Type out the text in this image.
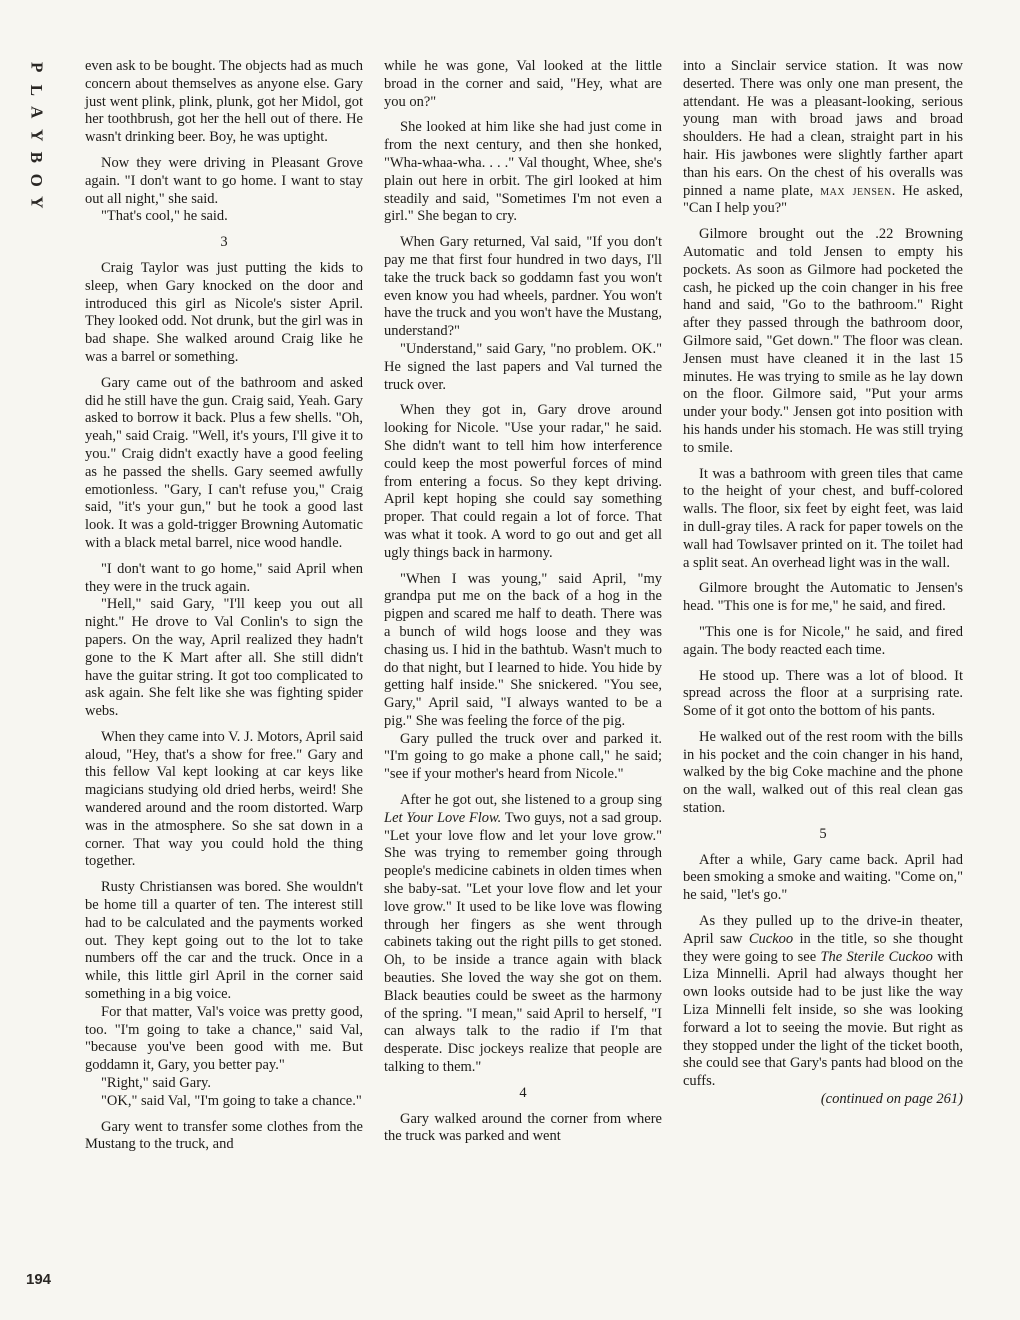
P
L
A
Y
B
O
Y
194

even ask to be bought. The objects had as much concern about themselves as anyone else. Gary just went plink, plink, plunk, got her Midol, got her toothbrush, got her the hell out of there. He wasn't drinking beer. Boy, he was uptight.

Now they were driving in Pleasant Grove again. "I don't want to go home. I want to stay out all night," she said.

"That's cool," he said.

3

Craig Taylor was just putting the kids to sleep, when Gary knocked on the door and introduced this girl as Nicole's sister April. They looked odd. Not drunk, but the girl was in bad shape. She walked around Craig like he was a barrel or something.

Gary came out of the bathroom and asked did he still have the gun. Craig said, Yeah. Gary asked to borrow it back. Plus a few shells. "Oh, yeah," said Craig. "Well, it's yours, I'll give it to you." Craig didn't exactly have a good feeling as he passed the shells. Gary seemed awfully emotionless. "Gary, I can't refuse you," Craig said, "it's your gun," but he took a good last look. It was a gold-trigger Browning Automatic with a black metal barrel, nice wood handle.

"I don't want to go home," said April when they were in the truck again.

"Hell," said Gary, "I'll keep you out all night." He drove to Val Conlin's to sign the papers. On the way, April realized they hadn't gone to the K Mart after all. She still didn't have the guitar string. It got too complicated to ask again. She felt like she was fighting spider webs.

When they came into V. J. Motors, April said aloud, "Hey, that's a show for free." Gary and this fellow Val kept looking at car keys like magicians studying old dried herbs, weird! She wandered around and the room distorted. Warp was in the atmosphere. So she sat down in a corner. That way you could hold the thing together.

Rusty Christiansen was bored. She wouldn't be home till a quarter of ten. The interest still had to be calculated and the payments worked out. They kept going out to the lot to take numbers off the car and the truck. Once in a while, this little girl April in the corner said something in a big voice.

For that matter, Val's voice was pretty good, too. "I'm going to take a chance," said Val, "because you've been good with me. But goddamn it, Gary, you better pay."

"Right," said Gary.

"OK," said Val, "I'm going to take a chance."

Gary went to transfer some clothes from the Mustang to the truck, and

while he was gone, Val looked at the little broad in the corner and said, "Hey, what are you on?"

She looked at him like she had just come in from the next century, and then she honked, "Wha-whaa-wha. . . ." Val thought, Whee, she's plain out here in orbit. The girl looked at him steadily and said, "Sometimes I'm not even a girl." She began to cry.

When Gary returned, Val said, "If you don't pay me that first four hundred in two days, I'll take the truck back so goddamn fast you won't even know you had wheels, pardner. You won't have the truck and you won't have the Mustang, understand?"

"Understand," said Gary, "no problem. OK." He signed the last papers and Val turned the truck over.

When they got in, Gary drove around looking for Nicole. "Use your radar," he said. She didn't want to tell him how interference could keep the most powerful forces of mind from entering a focus. So they kept driving. April kept hoping she could say something proper. That could regain a lot of force. That was what it took. A word to go out and get all ugly things back in harmony.

"When I was young," said April, "my grandpa put me on the back of a hog in the pigpen and scared me half to death. There was a bunch of wild hogs loose and they was chasing us. I hid in the bathtub. Wasn't much to do that night, but I learned to hide. You hide by getting half inside." She snickered. "You see, Gary," April said, "I always wanted to be a pig." She was feeling the force of the pig.

Gary pulled the truck over and parked it. "I'm going to go make a phone call," he said; "see if your mother's heard from Nicole."

After he got out, she listened to a group sing Let Your Love Flow. Two guys, not a sad group. "Let your love flow and let your love grow." She was trying to remember going through people's medicine cabinets in olden times when she baby-sat. "Let your love flow and let your love grow." It used to be like love was flowing through her fingers as she went through cabinets taking out the right pills to get stoned. Oh, to be inside a trance again with black beauties. She loved the way she got on them. Black beauties could be sweet as the harmony of the spring. "I mean," said April to herself, "I can always talk to the radio if I'm that desperate. Disc jockeys realize that people are talking to them."

4

Gary walked around the corner from where the truck was parked and went

into a Sinclair service station. It was now deserted. There was only one man present, the attendant. He was a pleasant-looking, serious young man with broad jaws and broad shoulders. He had a clean, straight part in his hair. His jawbones were slightly farther apart than his ears. On the chest of his overalls was pinned a name plate, max jensen. He asked, "Can I help you?"

Gilmore brought out the .22 Browning Automatic and told Jensen to empty his pockets. As soon as Gilmore had pocketed the cash, he picked up the coin changer in his free hand and said, "Go to the bathroom." Right after they passed through the bathroom door, Gilmore said, "Get down." The floor was clean. Jensen must have cleaned it in the last 15 minutes. He was trying to smile as he lay down on the floor. Gilmore said, "Put your arms under your body." Jensen got into position with his hands under his stomach. He was still trying to smile.

It was a bathroom with green tiles that came to the height of your chest, and buff-colored walls. The floor, six feet by eight feet, was laid in dull-gray tiles. A rack for paper towels on the wall had Towlsaver printed on it. The toilet had a split seat. An overhead light was in the wall.

Gilmore brought the Automatic to Jensen's head. "This one is for me," he said, and fired.

"This one is for Nicole," he said, and fired again. The body reacted each time.

He stood up. There was a lot of blood. It spread across the floor at a surprising rate. Some of it got onto the bottom of his pants.

He walked out of the rest room with the bills in his pocket and the coin changer in his hand, walked by the big Coke machine and the phone on the wall, walked out of this real clean gas station.

5

After a while, Gary came back. April had been smoking a smoke and waiting. "Come on," he said, "let's go."

As they pulled up to the drive-in theater, April saw Cuckoo in the title, so she thought they were going to see The Sterile Cuckoo with Liza Minnelli. April had always thought her own looks outside had to be just like the way Liza Minnelli felt inside, so she was looking forward a lot to seeing the movie. But right as they stopped under the light of the ticket booth, she could see that Gary's pants had blood on the cuffs.

(continued on page 261)
